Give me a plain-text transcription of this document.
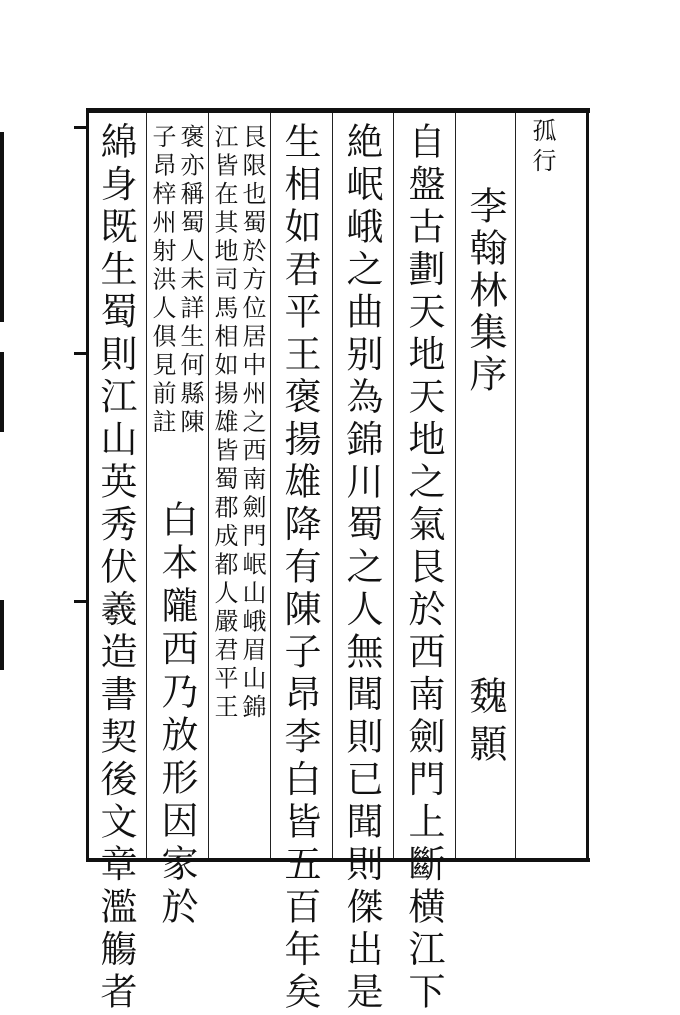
孤行
李翰林集序
魏顥
自盤古劃天地天地之氣艮於西南劍門上斷横江下
絶岷峨之曲别為錦川蜀之人無聞則已聞則傑出是
生相如君平王褒揚雄降有陳子昂李白皆五百年矣
艮限也蜀於方位居中州之西南劍門岷山峨眉山錦
江皆在其地司馬相如揚雄皆蜀郡成都人嚴君平王
褒亦稱蜀人未詳生何縣陳
子昂梓州射洪人俱見前註
白本隴西乃放形因家於
綿身既生蜀則江山英秀伏羲造書契後文章濫觴者
